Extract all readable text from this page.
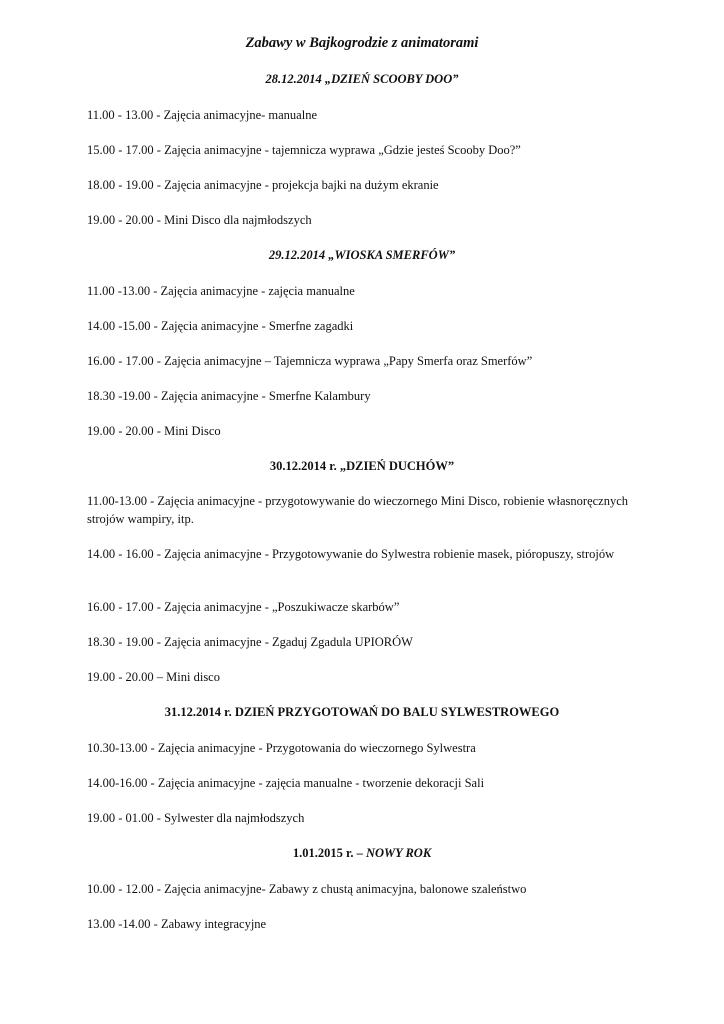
Zabawy w Bajkogrodzie z animatorami
28.12.2014 „DZIEŃ SCOOBY DOO”
11.00 - 13.00 - Zajęcia animacyjne- manualne
15.00 - 17.00 - Zajęcia animacyjne - tajemnicza wyprawa „Gdzie jesteś Scooby Doo?”
18.00 - 19.00 - Zajęcia animacyjne - projekcja bajki na dużym ekranie
19.00 - 20.00 - Mini Disco dla najmłodszych
29.12.2014 „WIOSKA SMERFÓW”
11.00 -13.00 - Zajęcia animacyjne - zajęcia manualne
14.00 -15.00 - Zajęcia animacyjne - Smerfne zagadki
16.00 - 17.00 - Zajęcia animacyjne – Tajemnicza wyprawa „Papy Smerfa oraz Smerfów”
18.30 -19.00 - Zajęcia animacyjne - Smerfne Kalambury
19.00 - 20.00 - Mini Disco
30.12.2014 r. „DZIEŃ DUCHÓW”
11.00-13.00 - Zajęcia animacyjne - przygotowywanie do wieczornego Mini Disco, robienie własnoręcznych strojów wampiry, itp.
14.00 - 16.00 - Zajęcia animacyjne - Przygotowywanie do Sylwestra robienie masek, pióropuszy, strojów
16.00 - 17.00 - Zajęcia animacyjne - „Poszukiwacze skarbów”
18.30 - 19.00 - Zajęcia animacyjne - Zgaduj Zgadula UPIORÓW
19.00 - 20.00 – Mini disco
31.12.2014 r. DZIEŃ PRZYGOTOWAŃ DO BALU SYLWESTROWEGO
10.30-13.00 - Zajęcia animacyjne - Przygotowania do wieczornego Sylwestra
14.00-16.00 - Zajęcia animacyjne - zajęcia manualne - tworzenie dekoracji Sali
19.00 - 01.00 - Sylwester dla najmłodszych
1.01.2015 r. – NOWY ROK
10.00 - 12.00 - Zajęcia animacyjne- Zabawy z chustą animacyjna, balonowe szaleństwo
13.00 -14.00 - Zabawy integracyjne
